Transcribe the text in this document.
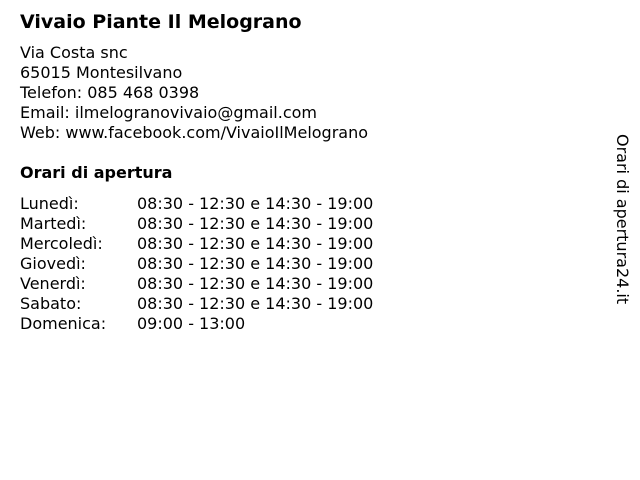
Vivaio Piante Il Melograno
Via Costa snc
65015 Montesilvano
Telefon: 085 468 0398
Email: ilmelogranovivaio@gmail.com
Web: www.facebook.com/VivaioIlMelograno
Orari di apertura
Lunedì:	08:30 - 12:30 e 14:30 - 19:00
Martedì:	08:30 - 12:30 e 14:30 - 19:00
Mercoledì: 08:30 - 12:30 e 14:30 - 19:00
Giovedì:	08:30 - 12:30 e 14:30 - 19:00
Venerdì:	08:30 - 12:30 e 14:30 - 19:00
Sabato:	08:30 - 12:30 e 14:30 - 19:00
Domenica: 09:00 - 13:00
Orari di apertura24.it
